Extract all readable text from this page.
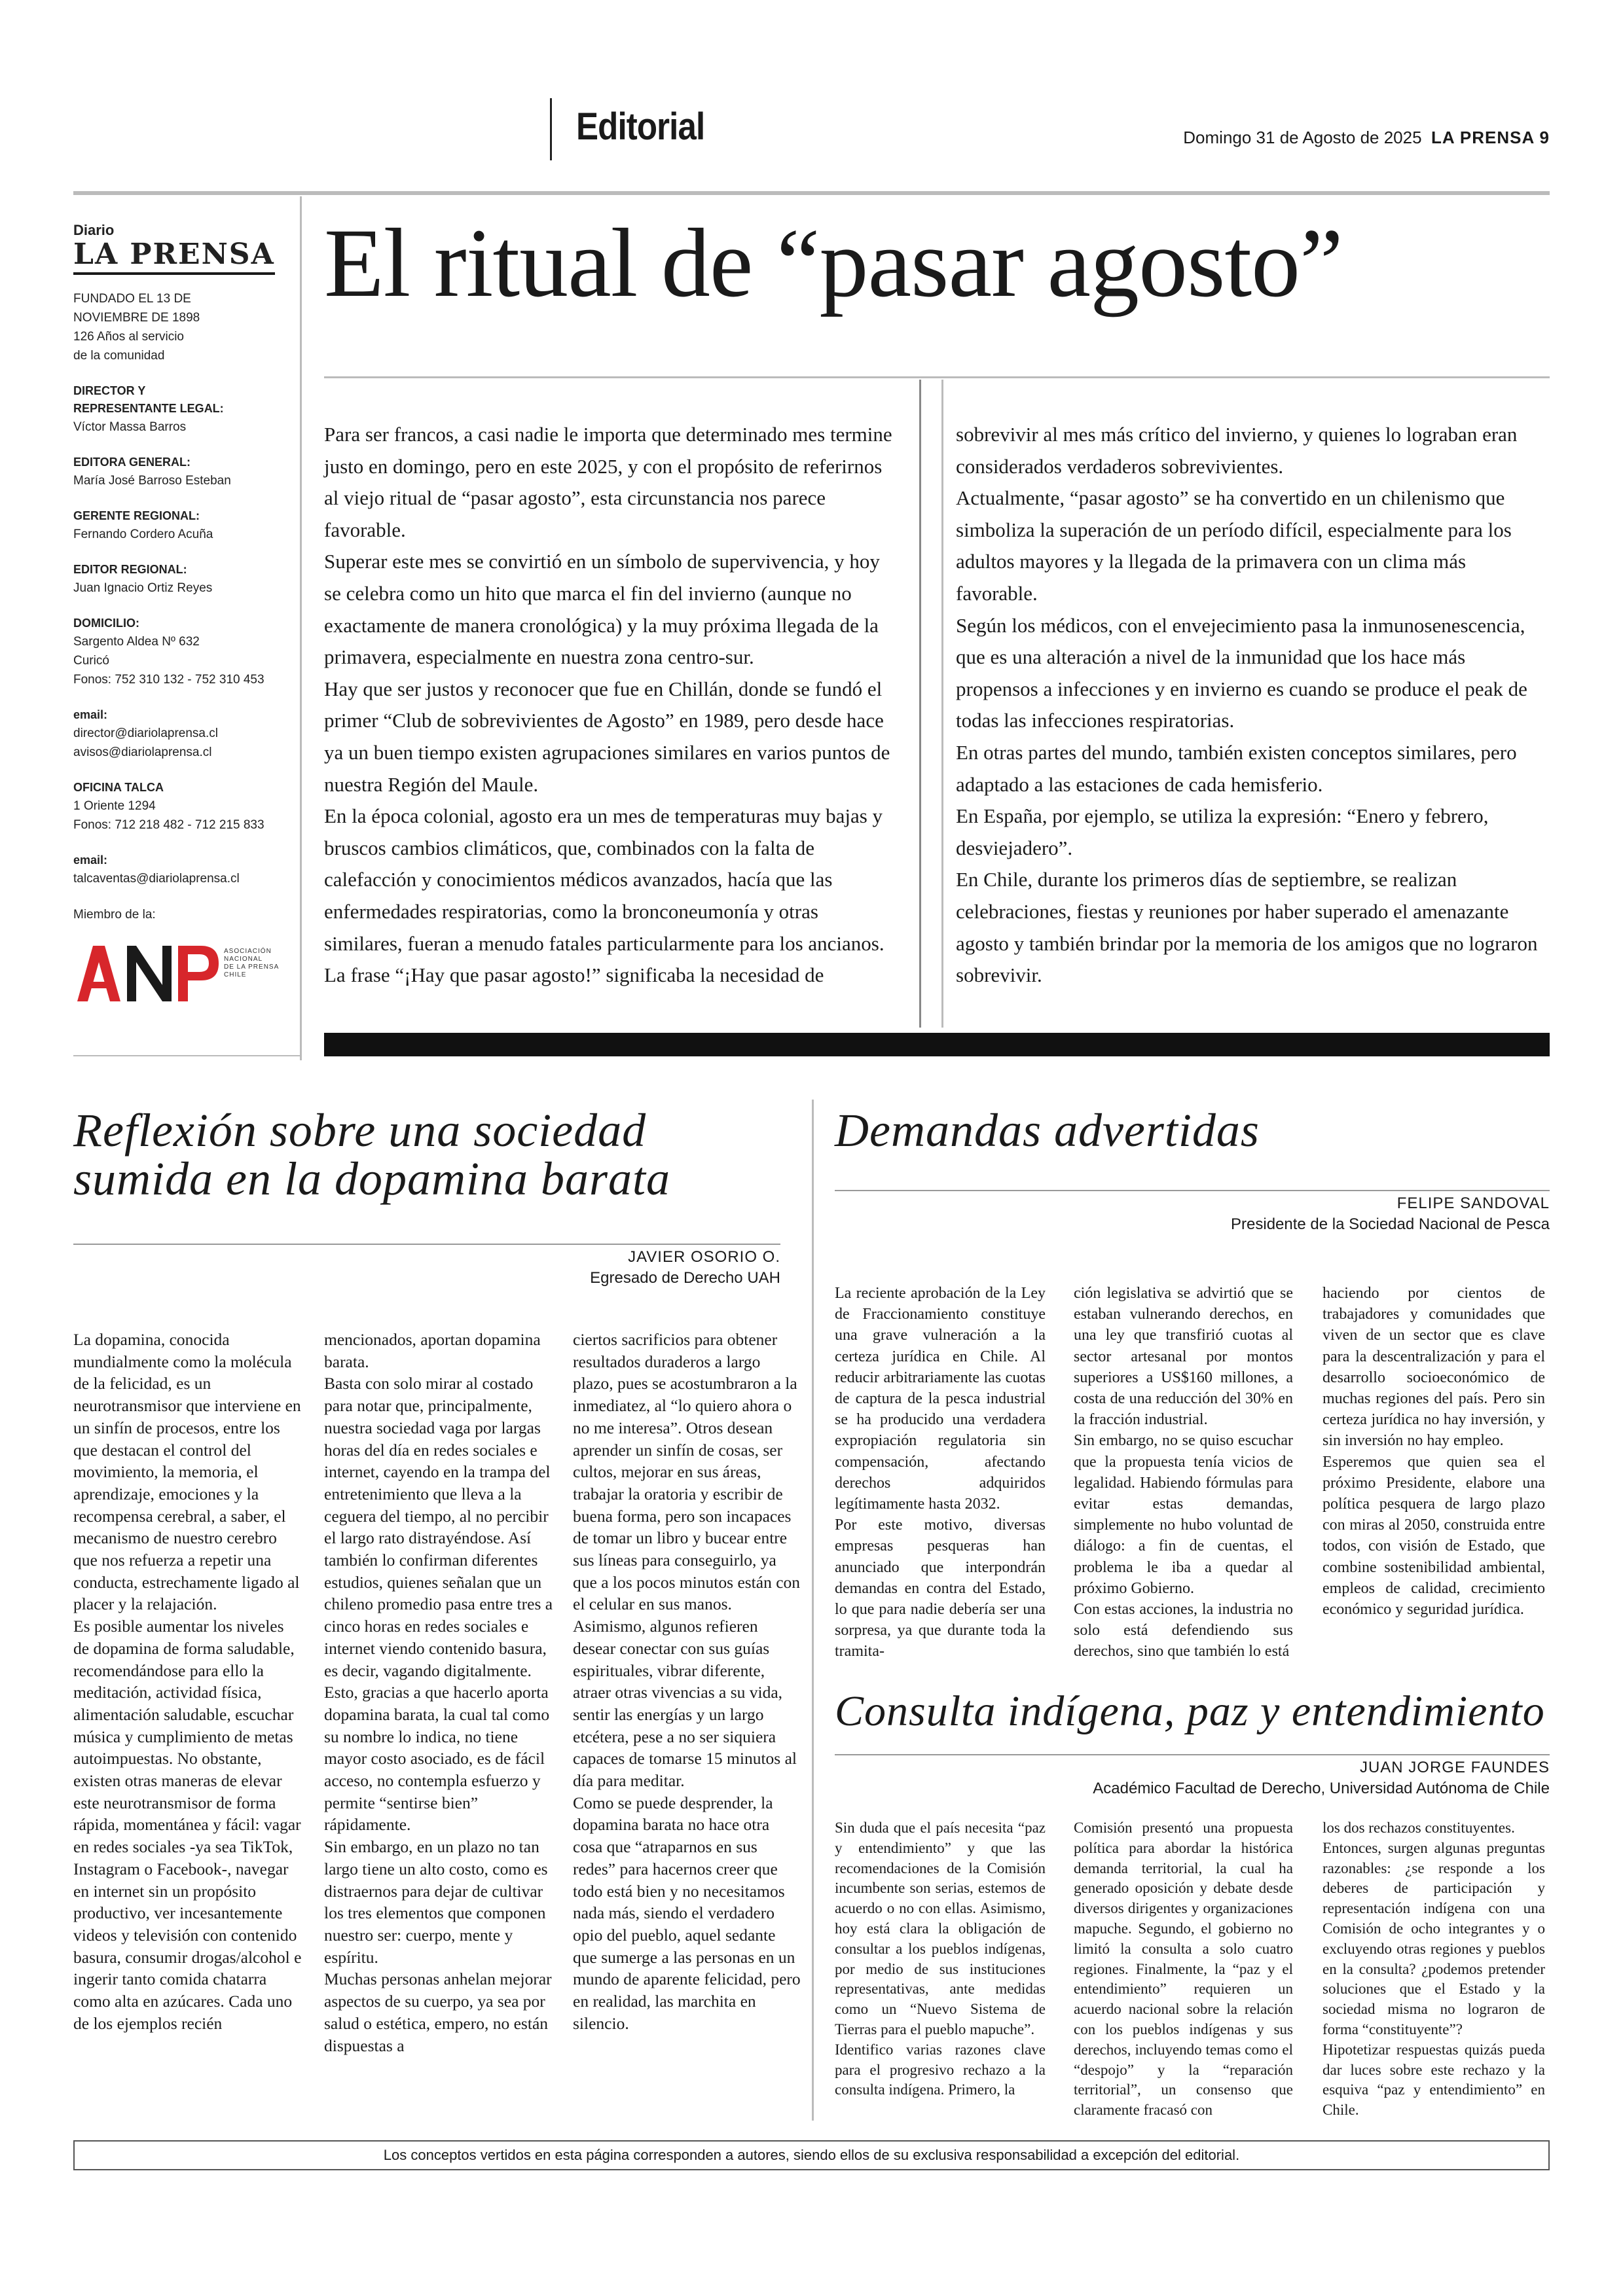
Editorial	Domingo 31 de Agosto de 2025 LA PRENSA 9
Diario
LA PRENSA
FUNDADO EL 13 DE
NOVIEMBRE DE 1898
126 Años al servicio
de la comunidad
DIRECTOR Y
REPRESENTANTE LEGAL:
Víctor Massa Barros
EDITORA GENERAL:
María José Barroso Esteban
GERENTE REGIONAL:
Fernando Cordero Acuña
EDITOR REGIONAL:
Juan Ignacio Ortiz Reyes
DOMICILIO:
Sargento Aldea Nº 632
Curicó
Fonos: 752 310 132 - 752 310 453
email:
director@diariolaprensa.cl
avisos@diariolaprensa.cl
OFICINA TALCA
1 Oriente 1294
Fonos: 712 218 482 - 712 215 833
email:
talcaventas@diariolaprensa.cl
Miembro de la:
ASOCIACIÓN
NACIONAL
DE LA PRENSA
CHILE
El ritual de “pasar agosto”

Para ser francos, a casi nadie le importa que determinado mes termine justo en domingo, pero en este 2025, y con el propósito de referirnos al viejo ritual de “pasar agosto”, esta circunstancia nos parece favorable.

Superar este mes se convirtió en un símbolo de supervivencia, y hoy se celebra como un hito que marca el fin del invierno (aunque no exactamente de manera cronológica) y la muy próxima llegada de la primavera, especialmente en nuestra zona centro-sur.

Hay que ser justos y reconocer que fue en Chillán, donde se fundó el primer “Club de sobrevivientes de Agosto” en 1989, pero desde hace ya un buen tiempo existen agrupaciones similares en varios puntos de nuestra Región del Maule.

En la época colonial, agosto era un mes de temperaturas muy bajas y bruscos cambios climáticos, que, combinados con la falta de calefacción y conocimientos médicos avanzados, hacía que las enfermedades respiratorias, como la bronconeumonía y otras similares, fueran a menudo fatales particularmente para los ancianos.

La frase “¡Hay que pasar agosto!” significaba la necesidad de

sobrevivir al mes más crítico del invierno, y quienes lo lograban eran considerados verdaderos sobrevivientes.

Actualmente, “pasar agosto” se ha convertido en un chilenismo que simboliza la superación de un período difícil, especialmente para los adultos mayores y la llegada de la primavera con un clima más favorable.

Según los médicos, con el envejecimiento pasa la inmunosenescencia, que es una alteración a nivel de la inmunidad que los hace más propensos a infecciones y en invierno es cuando se produce el peak de todas las infecciones respiratorias.

En otras partes del mundo, también existen conceptos similares, pero adaptado a las estaciones de cada hemisferio.

En España, por ejemplo, se utiliza la expresión: “Enero y febrero, desviejadero”.

En Chile, durante los primeros días de septiembre, se realizan celebraciones, fiestas y reuniones por haber superado el amenazante agosto y también brindar por la memoria de los amigos que no lograron sobrevivir.

Reflexión sobre una sociedad
sumida en la dopamina barata
JAVIER OSORIO O.
Egresado de Derecho UAH

La dopamina, conocida mundialmente como la molécula de la felicidad, es un neurotransmisor que interviene en un sinfín de procesos, entre los que destacan el control del movimiento, la memoria, el aprendizaje, emociones y la recompensa cerebral, a saber, el mecanismo de nuestro cerebro que nos refuerza a repetir una conducta, estrechamente ligado al placer y la relajación.

Es posible aumentar los niveles de dopamina de forma saludable, recomendándose para ello la meditación, actividad física, alimentación saludable, escuchar música y cumplimiento de metas autoimpuestas. No obstante, existen otras maneras de elevar este neurotransmisor de forma rápida, momentánea y fácil: vagar en redes sociales -ya sea TikTok, Instagram o Facebook-, navegar en internet sin un propósito productivo, ver incesantemente videos y televisión con contenido basura, consumir drogas/alcohol e ingerir tanto comida chatarra como alta en azúcares. Cada uno de los ejemplos recién

mencionados, aportan dopamina barata.

Basta con solo mirar al costado para notar que, principalmente, nuestra sociedad vaga por largas horas del día en redes sociales e internet, cayendo en la trampa del entretenimiento que lleva a la ceguera del tiempo, al no percibir el largo rato distrayéndose. Así también lo confirman diferentes estudios, quienes señalan que un chileno promedio pasa entre tres a cinco horas en redes sociales e internet viendo contenido basura, es decir, vagando digitalmente. Esto, gracias a que hacerlo aporta dopamina barata, la cual tal como su nombre lo indica, no tiene mayor costo asociado, es de fácil acceso, no contempla esfuerzo y permite “sentirse bien” rápidamente.

Sin embargo, en un plazo no tan largo tiene un alto costo, como es distraernos para dejar de cultivar los tres elementos que componen nuestro ser: cuerpo, mente y espíritu.

Muchas personas anhelan mejorar aspectos de su cuerpo, ya sea por salud o estética, empero, no están dispuestas a

ciertos sacrificios para obtener resultados duraderos a largo plazo, pues se acostumbraron a la inmediatez, al “lo quiero ahora o no me interesa”. Otros desean aprender un sinfín de cosas, ser cultos, mejorar en sus áreas, trabajar la oratoria y escribir de buena forma, pero son incapaces de tomar un libro y bucear entre sus líneas para conseguirlo, ya que a los pocos minutos están con el celular en sus manos.

Asimismo, algunos refieren desear conectar con sus guías espirituales, vibrar diferente, atraer otras vivencias a su vida, sentir las energías y un largo etcétera, pese a no ser siquiera capaces de tomarse 15 minutos al día para meditar.

Como se puede desprender, la dopamina barata no hace otra cosa que “atraparnos en sus redes” para hacernos creer que todo está bien y no necesitamos nada más, siendo el verdadero opio del pueblo, aquel sedante que sumerge a las personas en un mundo de aparente felicidad, pero en realidad, las marchita en silencio.

Demandas advertidas
FELIPE SANDOVAL
Presidente de la Sociedad Nacional de Pesca

La reciente aprobación de la Ley de Fraccionamiento constituye una grave vulneración a la certeza jurídica en Chile. Al reducir arbitrariamente las cuotas de captura de la pesca industrial se ha producido una verdadera expropiación regulatoria sin compensación, afectando derechos adquiridos legítimamente hasta 2032.

Por este motivo, diversas empresas pesqueras han anunciado que interpondrán demandas en contra del Estado, lo que para nadie debería ser una sorpresa, ya que durante toda la tramita-

ción legislativa se advirtió que se estaban vulnerando derechos, en una ley que transfirió cuotas al sector artesanal por montos superiores a US$160 millones, a costa de una reducción del 30% en la fracción industrial.

Sin embargo, no se quiso escuchar que la propuesta tenía vicios de legalidad. Habiendo fórmulas para evitar estas demandas, simplemente no hubo voluntad de diálogo: a fin de cuentas, el problema le iba a quedar al próximo Gobierno.

Con estas acciones, la industria no solo está defendiendo sus derechos, sino que también lo está

haciendo por cientos de trabajadores y comunidades que viven de un sector que es clave para la descentralización y para el desarrollo socioeconómico de muchas regiones del país. Pero sin certeza jurídica no hay inversión, y sin inversión no hay empleo.

Esperemos que quien sea el próximo Presidente, elabore una política pesquera de largo plazo con miras al 2050, construida entre todos, con visión de Estado, que combine sostenibilidad ambiental, empleos de calidad, crecimiento económico y seguridad jurídica.

Consulta indígena, paz y entendimiento
JUAN JORGE FAUNDES
Académico Facultad de Derecho, Universidad Autónoma de Chile

Sin duda que el país necesita “paz y entendimiento” y que las recomendaciones de la Comisión incumbente son serias, estemos de acuerdo o no con ellas. Asimismo, hoy está clara la obligación de consultar a los pueblos indígenas, por medio de sus instituciones representativas, ante medidas como un “Nuevo Sistema de Tierras para el pueblo mapuche”.

Identifico varias razones clave para el progresivo rechazo a la consulta indígena. Primero, la

Comisión presentó una propuesta política para abordar la histórica demanda territorial, la cual ha generado oposición y debate desde diversos dirigentes y organizaciones mapuche. Segundo, el gobierno no limitó la consulta a solo cuatro regiones. Finalmente, la “paz y el entendimiento” requieren un acuerdo nacional sobre la relación con los pueblos indígenas y sus derechos, incluyendo temas como el “despojo” y la “reparación territorial”, un consenso que claramente fracasó con

los dos rechazos constituyentes.

Entonces, surgen algunas preguntas razonables: ¿se responde a los deberes de participación y representación indígena con una Comisión de ocho integrantes y o excluyendo otras regiones y pueblos en la consulta? ¿podemos pretender soluciones que el Estado y la sociedad misma no lograron de forma “constituyente”?

Hipotetizar respuestas quizás pueda dar luces sobre este rechazo y la esquiva “paz y entendimiento” en Chile.

Los conceptos vertidos en esta página corresponden a autores, siendo ellos de su exclusiva responsabilidad a excepción del editorial.
